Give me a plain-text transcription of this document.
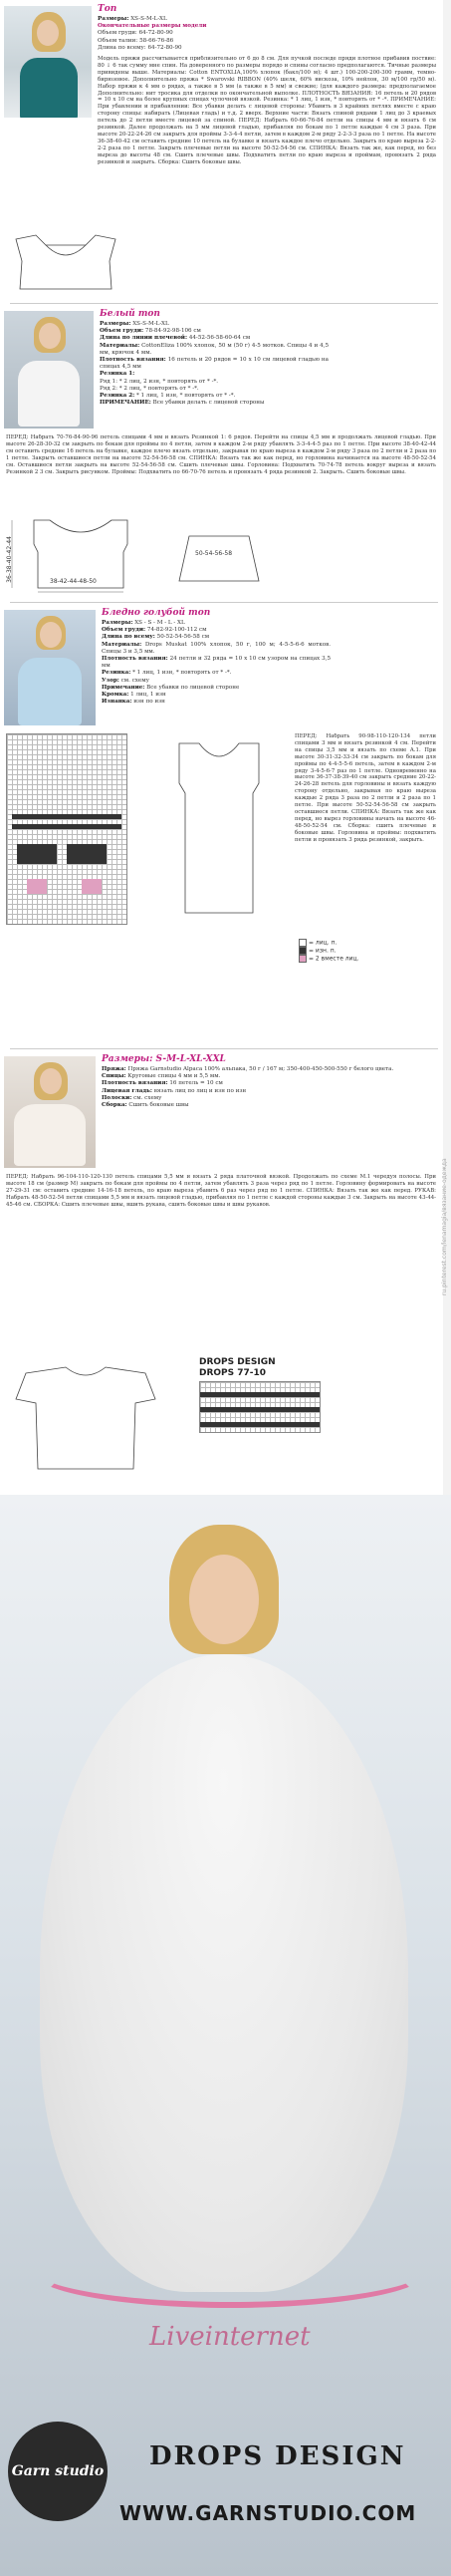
ru.pinterest.com/lenamagia/вязание-одежда
Топ
Размеры: XS-S-M-L-XL
Окончательные размеры модели
Объем груди: 64-72-80-90
Объем талии: 58-66-76-86
Длина по всему: 64-72-80-90
Модель пряжи рассчитывается приблизительно от 6 до 8 см. Для пучкой последе пряди плотное прибавив поствие: 80 ↓ 6 так сумму мне спин. На доверенного по размеры порядо и спины согласно предполагаются. Тичные размеры привидены выше. Материалы: Cotton ENTOXLIA,100% хлопок (бакл/100 м); 4 шт.) 100-200-200-300 грамм, темно-бирюзовое. Дополнительно пряжа * Swarovski RIBBON (40% шелк, 60% вискоза, 10% нейлон, 30 м/100 гр/50 м). Набор пряжи к 4 мм о рядах, а также в 5 мм (а также в 5 мм) и свежие; (для каждого размера: предполагаемое Дополнительно: нит тросика для отделки по окончательной выполке. ПЛОТНОСТЬ ВЯЗАНИЯ: 16 петель и 20 рядов = 10 x 10 см на более крупных спицах чулочной вязкой. Резинка: * 1 лиц, 1 изн, * повторять от * -*. ПРИМЕЧАНИЕ: При убавлении и прибавлении: Все убавки делать с лицевой стороны: Убавить в 3 крайних петлях вместе с краю сторону спицы: набирать (Лицевая гладь) и т.д. 2 вверх. Верхние части: Вязать спиной рядами 1 лиц до 3 краевых петель до 2 петли вместе лицевой за спиной. ПЕРЕД: Набрать 60-66-76-84 петли на спицы 4 мм и вязать 6 см резинкой. Далее продолжать на 5 мм лицевой гладью, прибавляя по бокам по 1 петле каждые 4 см 3 раза. При высоте 20-22-24-26 см закрыть для проймы 3-3-4-4 петли, затем в каждом 2-м ряду 2-2-3-3 раза по 1 петле. На высоте 36-38-40-42 см оставить средние 10 петель на булавке и вязать каждое плечо отдельно. Закрыть по краю выреза 2-2-2-2 раза по 1 петле. Закрыть плечевые петли на высоте 50-52-54-56 см. СПИНКА: Вязать так же, как перед, но без выреза до высоты 48 см. Сшить плечевые швы. Подхватить петли по краю выреза и проймам, провязать 2 ряда резинкой и закрыть. Сборка: Сшить боковые швы.
Белый топ
Размеры: XS-S-M-L-XL
Объем груди: 78-84-92-98-106 см
Длина по линии плечевой: 44-52-56-58-60-64 см
Материалы: CottonEliza 100% хлопок, 50 м (50 г) 4-5 мотков. Спицы 4 и 4,5 мм, крючок 4 мм.
Плотность вязания: 16 петель и 20 рядов = 10 x 10 см лицевой гладью на спицах 4,5 мм
Резинка 1:
Ряд 1: * 2 лиц, 2 изн, * повторять от * -*.
Ряд 2: * 2 лиц, * повторять от * -*.
Резинка 2: * 1 лиц, 1 изн, * повторять от * -*.
ПРИМЕЧАНИЕ: Все убавки делать с лицевой стороны
ПЕРЕД: Набрать 70-76-84-90-96 петель спицами 4 мм и вязать Резинкой 1: 6 рядов. Перейти на спицы 4,5 мм и продолжать лицевой гладью. При высоте 26-28-30-32 см закрыть по бокам для проймы по 4 петли, затем в каждом 2-м ряду убавлять 3-3-4-4-5 раз по 1 петле. При высоте 38-40-42-44 см оставить средние 16 петель на булавке, каждое плечо вязать отдельно, закрывая по краю выреза в каждом 2-м ряду 3 раза по 2 петли и 2 раза по 1 петле. Закрыть оставшиеся петли на высоте 52-54-56-58 см. СПИНКА: Вязать так же как перед, но горловина начинается на высоте 48-50-52-54 см. Оставшиеся петли закрыть на высоте 52-54-56-58 см. Сшить плечевые швы. Горловина: Подхватить 70-74-78 петель вокруг выреза и вязать Резинкой 2 3 см. Закрыть рисунком. Проймы: Подхватить по 66-70-76 петель и провязать 4 ряда резинкой 2. Закрыть. Сшить боковые швы.
38-42-44-48-50
36-38-40-42-44	50-54-56-58
Бледно голубой топ
Размеры: XS - S - M - L - XL
Объем груди: 74-82-92-100-112 см
Длина по всему: 50-52-54-56-58 см
Материалы: Drops Muskat 100% хлопок, 50 г, 100 м; 4-5-5-6-6 мотков. Спицы 3 и 3,5 мм.
Плотность вязания: 24 петли и 32 ряда = 10 x 10 см узором на спицах 3,5 мм
Резинка: * 1 лиц, 1 изн, * повторять от * -*.
Узор: см. схему
Примечание: Все убавки по лицевой стороне
Кромка: 1 лиц, 1 изн
Изнанка: изн по изн
ПЕРЕД: Набрать 90-98-110-120-134 петли спицами 3 мм и вязать резинкой 4 см. Перейти на спицы 3,5 мм и вязать по схеме A.1. При высоте 30-31-32-33-34 см закрыть по бокам для проймы по 4-4-5-5-6 петель, затем в каждом 2-м ряду 3-4-5-6-7 раз по 1 петле. Одновременно на высоте 36-37-38-39-40 см закрыть средние 20-22-24-26-28 петель для горловины и вязать каждую сторону отдельно, закрывая по краю выреза каждые 2 ряда 3 раза по 2 петли и 2 раза по 1 петле. При высоте 50-52-54-56-58 см закрыть оставшиеся петли. СПИНКА: Вязать так же как перед, но вырез горловины начать на высоте 46-48-50-52-54 см. Сборка: сшить плечевые и боковые швы. Горловина и проймы: подхватить петли и провязать 3 ряда резинкой, закрыть.
= лиц. п.
= изн. п.
= 2 вместе лиц.
Размеры: S-M-L-XL-XXL
Пряжа: Пряжа Garnstudio Alpaca 100% альпака, 50 г / 167 м; 350-400-450-500-550 г белого цвета.
Спицы: Круговые спицы 4 мм и 5,5 мм.
Плотность вязания: 16 петель = 10 см
Лицевая гладь: вязать лиц по лиц и изн по изн
Полоски: см. схему
Сборка: Сшить боковые швы
ПЕРЕД: Набрать 96-104-110-120-130 петель спицами 5,5 мм и вязать 2 ряда платочной вязкой. Продолжать по схеме M.1 чередуя полосы. При высоте 18 см (размер M) закрыть по бокам для проймы по 4 петли, затем убавлять 3 раза через ряд по 1 петле. Горловину формировать на высоте 27-29-31 см: оставить средние 14-16-18 петель, по краю выреза убавить 6 раз через ряд по 1 петле. СПИНКА: Вязать так же как перед. РУКАВ: Набрать 48-50-52-54 петли спицами 5,5 мм и вязать лицевой гладью, прибавляя по 1 петле с каждой стороны каждые 3 см. Закрыть на высоте 43-44-45-46 см. СБОРКА: Сшить плечевые швы, вшить рукава, сшить боковые швы и швы рукавов.
DROPS DESIGN
DROPS 77-10
Liveinternet
Garn studio DROPS DESIGN
WWW.GARNSTUDIO.COM
